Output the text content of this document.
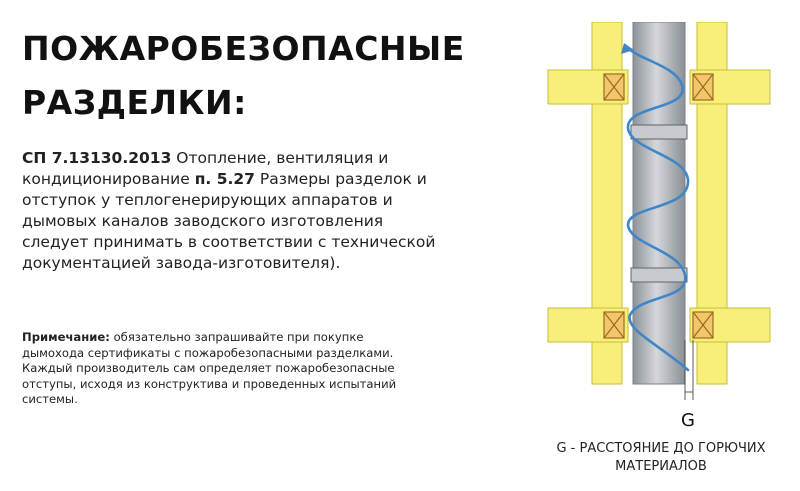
ПОЖАРОБЕЗОПАСНЫЕ
РАЗДЕЛКИ:
СП 7.13130.2013 Отопление, вентиляция и кондиционирование п. 5.27 Размеры разделок и отступок у теплогенерирующих аппаратов и дымовых каналов заводского изготовления следует принимать в соответствии с технической документацией завода-изготовителя).
Примечание: обязательно запрашивайте при покупке дымохода сертификаты с пожаробезопасными разделками. Каждый производитель сам определяет пожаробезопасные отступы, исходя из конструктива и проведенных испытаний системы.
G
G - РАССТОЯНИЕ ДО ГОРЮЧИХ
МАТЕРИАЛОВ
